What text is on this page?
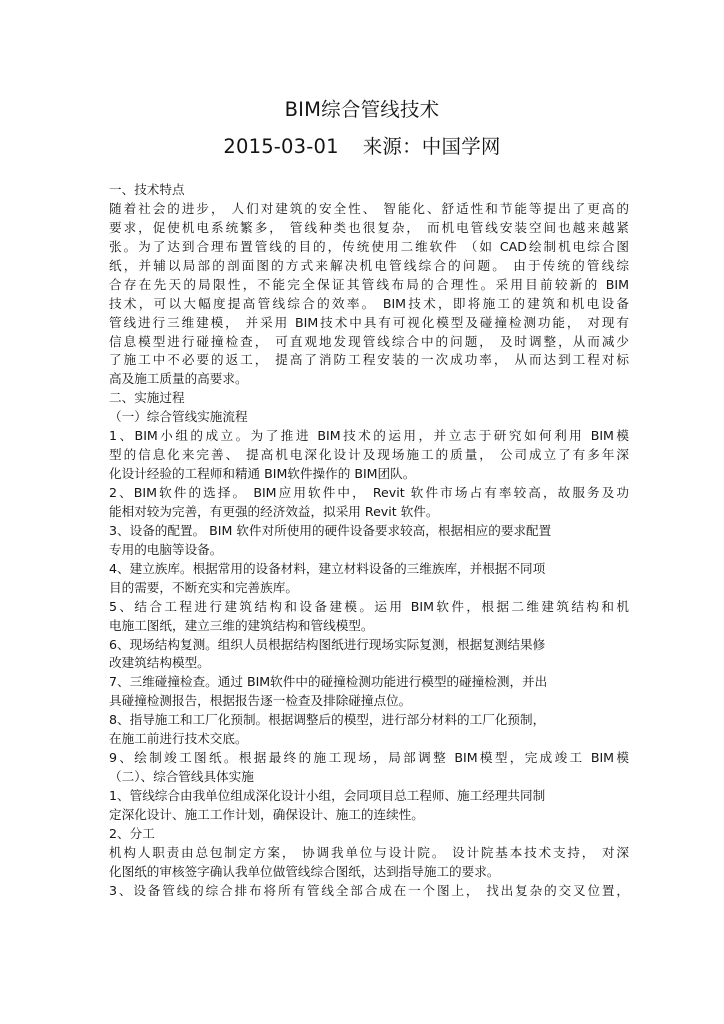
BIM综合管线技术
2015-03-01 来源：中国学网
一、技术特点
随着社会的进步， 人们对建筑的安全性、 智能化、舒适性和节能等提出了更高的
要求，促使机电系统繁多， 管线种类也很复杂， 而机电管线安装空间也越来越紧
张。为了达到合理布置管线的目的，传统使用二维软件 （如 CAD绘制机电综合图
纸，并辅以局部的剖面图的方式来解决机电管线综合的问题。 由于传统的管线综
合存在先天的局限性，不能完全保证其管线布局的合理性。采用目前较新的 BIM
技术，可以大幅度提高管线综合的效率。 BIM技术，即将施工的建筑和机电设备
管线进行三维建模， 并采用 BIM技术中具有可视化模型及碰撞检测功能， 对现有
信息模型进行碰撞检查， 可直观地发现管线综合中的问题， 及时调整，从而减少
了施工中不必要的返工， 提高了消防工程安装的一次成功率， 从而达到工程对标
高及施工质量的高要求。
二、实施过程
（一）综合管线实施流程
1、BIM小组的成立。为了推进 BIM技术的运用，并立志于研究如何利用 BIM模
型的信息化来完善、 提高机电深化设计及现场施工的质量， 公司成立了有多年深
化设计经验的工程师和精通 BIM软件操作的 BIM团队。
2、BIM软件的选择。 BIM应用软件中， Revit 软件市场占有率较高，故服务及功
能相对较为完善，有更强的经济效益，拟采用 Revit 软件。
3、设备的配置。 BIM 软件对所使用的硬件设备要求较高，根据相应的要求配置
专用的电脑等设备。
4、建立族库。根据常用的设备材料，建立材料设备的三维族库，并根据不同项
目的需要，不断充实和完善族库。
5、结合工程进行建筑结构和设备建模。运用 BIM软件，根据二维建筑结构和机
电施工图纸，建立三维的建筑结构和管线模型。
6、现场结构复测。组织人员根据结构图纸进行现场实际复测，根据复测结果修
改建筑结构模型。
7、三维碰撞检查。通过 BIM软件中的碰撞检测功能进行模型的碰撞检测，并出
具碰撞检测报告，根据报告逐一检查及排除碰撞点位。
8、指导施工和工厂化预制。根据调整后的模型，进行部分材料的工厂化预制，
在施工前进行技术交底。
9、绘制竣工图纸。根据最终的施工现场，局部调整 BIM模型，完成竣工 BIM模
（二）、综合管线具体实施
1、管线综合由我单位组成深化设计小组，会同项目总工程师、施工经理共同制
定深化设计、施工工作计划，确保设计、施工的连续性。
2、分工
机构人职责由总包制定方案， 协调我单位与设计院。 设计院基本技术支持， 对深
化图纸的审核签字确认我单位做管线综合图纸，达到指导施工的要求。
3、设备管线的综合排布将所有管线全部合成在一个图上， 找出复杂的交叉位置，
